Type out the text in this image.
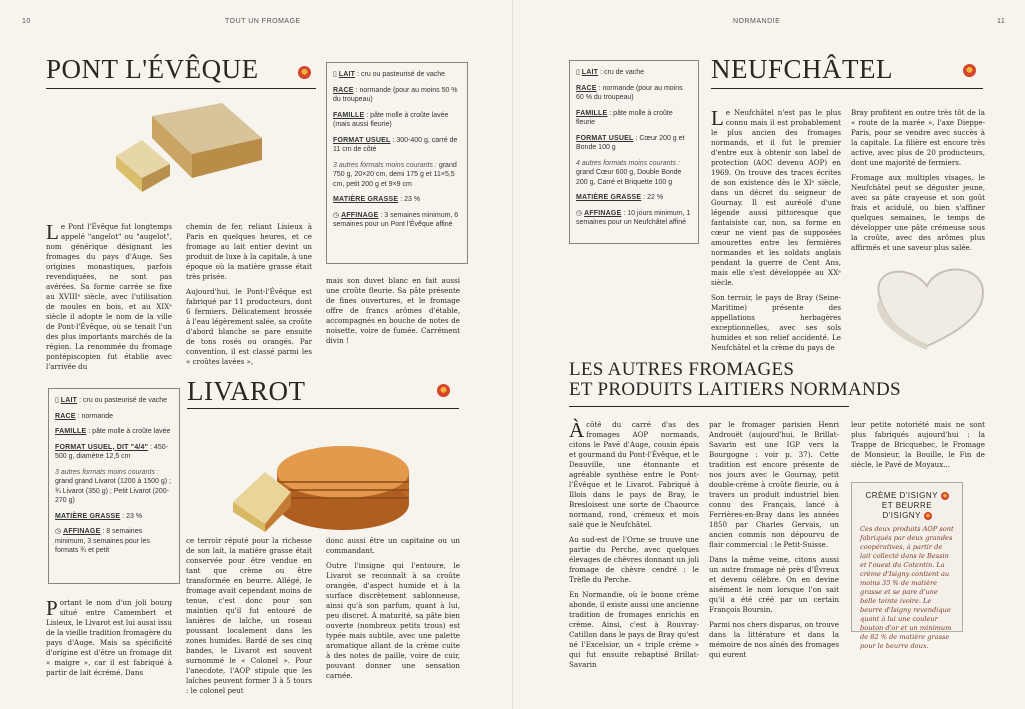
10	TOUT UN FROMAGE
PONT L'ÉVÊQUE	▯ LAIT : cru ou pasteurisé de vache
RACE : normande (pour au moins 50 % du troupeau)
FAMILLE : pâte molle à croûte lavée (mais aussi fleurie)
FORMAT USUEL : 300-400 g, carré de 11 cm de côté
3 autres formats moins courants : grand 750 g, 20×20 cm, demi 175 g et 11×5,5 cm, petit 200 g et 9×9 cm
MATIÈRE GRASSE : 23 %
◷ AFFINAGE : 3 semaines minimum, 6 semaines pour un Pont l'Évêque affiné
Le Pont l'Évêque fut longtemps appelé "angelot" ou "augelot", nom générique désignant les fromages du pays d'Auge. Ses origines monastiques, parfois revendiquées, ne sont pas avérées. Sa forme carrée se fixe au XVIIIᵉ siècle, avec l'utilisation de moules en bois, et au XIXᵉ siècle il adopte le nom de la ville de Pont-l'Évêque, où se tenait l'un des plus importants marchés de la région. La renommée du fromage pontépiscopien fut établie avec l'arrivée du

chemin de fer, reliant Lisieux à Paris en quelques heures, et ce fromage au lait entier devint un produit de luxe à la capitale, à une époque où la matière grasse était très prisée.

Aujourd'hui, le Pont-l'Évêque est fabriqué par 11 producteurs, dont 6 fermiers. Délicatement brossée à l'eau légèrement salée, sa croûte d'abord blanche se pare ensuite de tons rosés ou orangés. Par convention, il est classé parmi les « croûtes lavées »,

mais son duvet blanc en fait aussi une croûte fleurie. Sa pâte présente de fines ouvertures, et le fromage offre de francs arômes d'étable, accompagnés en bouche de notes de noisette, voire de fumée. Carrément divin !

▯ LAIT : cru ou pasteurisé de vache
RACE : normande
FAMILLE : pâte molle à croûte lavée
FORMAT USUEL, DIT "4/4" : 450-500 g, diamètre 12,5 cm
3 autres formats moins courants : grand grand Livarot (1200 à 1500 g) ; ¾ Livarot (350 g) ; Petit Livarot (200-270 g)
MATIÈRE GRASSE : 23 %
◷ AFFINAGE : 8 semaines minimum, 3 semaines pour les formats ¾ et petit
LIVAROT
Portant le nom d'un joli bourg situé entre Camembert et Lisieux, le Livarot est lui aussi issu de la vieille tradition fromagère du pays d'Auge. Mais sa spécificité d'origine est d'être un fromage dit « maigre », car il est fabriqué à partir de lait écrémé. Dans

ce terroir réputé pour la richesse de son lait, la matière grasse était conservée pour être vendue en tant que crème ou être transformée en beurre. Allégé, le fromage avait cependant moins de tenue, c'est donc pour son maintien qu'il fut entouré de lanières de laîche, un roseau poussant localement dans les zones humides. Bardé de ses cinq bandes, le Livarot est souvent surnommé le « Colonel ». Pour l'anecdote, l'AOP stipule que les laîches peuvent former 3 à 5 tours : le colonel peut

donc aussi être un capitaine ou un commandant.

Outre l'insigne qui l'entoure, le Livarot se reconnaît à sa croûte orangée, d'aspect humide et à la surface discrètement sablonneuse, ainsi qu'à son parfum, quant à lui, peu discret. À maturité, sa pâte bien ouverte (nombreux petits trous) est typée mais subtile, avec une palette aromatique allant de la crème cuite à des notes de paille, voire de cuir, pouvant donner une sensation carnée.

NORMANDIE	11
▯ LAIT : cru de vache
RACE : normande (pour au moins 60 % du troupeau)
FAMILLE : pâte molle à croûte fleurie
FORMAT USUEL : Cœur 200 g et Bonde 100 g
4 autres formats moins courants : grand Cœur 600 g, Double Bonde 200 g, Carré et Briquette 100 g
MATIÈRE GRASSE : 22 %
◷ AFFINAGE : 10 jours minimum, 1 semaines pour un Neufchâtel affiné
NEUFCHÂTEL

Le Neufchâtel n'est pas le plus connu mais il est probablement le plus ancien des fromages normands, et il fut le premier d'entre eux à obtenir son label de protection (AOC devenu AOP) en 1969. On trouve des traces écrites de son existence dès le XIᵉ siècle, dans un décret du seigneur de Gournay. Il est auréolé d'une légende aussi pittoresque que fantaisiste car, non, sa forme en cœur ne vient pas de supposées amourettes entre les fermières normandes et les soldats anglais pendant la guerre de Cent Ans, mais elle s'est développée au XXᵉ siècle.

Son terroir, le pays de Bray (Seine-Maritime) présente des appellations herbagères exceptionnelles, avec ses sols humides et son relief accidenté. Le Neufchâtel et la crème du pays de

Bray profitent en outre très tôt de la « route de la marée », l'axe Dieppe-Paris, pour se vendre avec succès à la capitale. La filière est encore très active, avec plus de 20 producteurs, dont une majorité de fermiers.

Fromage aux multiples visages, le Neufchâtel peut se déguster jeune, avec sa pâte crayeuse et son goût frais et acidulé, ou bien s'affiner quelques semaines, le temps de développer une pâte crémeuse sous la croûte, avec des arômes plus affirmés et une saveur plus salée.

LES AUTRES FROMAGES
ET PRODUITS LAITIERS NORMANDS

À côté du carré d'as des fromages AOP normands, citons le Pavé d'Auge, cousin épais et gourmand du Pont-l'Évêque, et le Deauville, une étonnante et agréable synthèse entre le Pont-l'Évêque et le Livarot. Fabriqué à Illois dans le pays de Bray, le Bresloisest une sorte de Chaource normand, rond, crémeux et mois salé que le Neufchâtel.

Au sud-est de l'Orne se trouve une partie du Perche, avec quelques élevages de chèvres donnant un joli fromage de chèvre cendré : le Trèfle du Perche.

En Normandie, où le bonne crème abonde, il existe aussi une ancienne tradition de fromages enrichis en crème. Ainsi, c'est à Rouvray-Catillon dans le pays de Bray qu'est né l'Excelsior, un « triple crème » qui fut ensuite rebaptisé Brillat-Savarin

par le fromager parisien Henri Androuët (aujourd'hui, le Brillat-Savarin est une IGP vers la Bourgogne : voir p. 37). Cette tradition est encore présente de nos jours avec le Gournay, petit double-crème à croûte fleurie, ou à travers un produit industriel bien connu des Français, lancé à Ferrières-en-Bray dans les années 1850 par Charles Gervais, un ancien commis non dépourvu de flair commercial : le Petit-Suisse.

Dans la même veine, citons aussi un autre fromage né près d'Évreux et devenu célèbre. On en devine aisément le nom lorsque l'on sait qu'il a été créé par un certain François Boursin.

Parmi nos chers disparus, on trouve dans la littérature et dans la mémoire de nos aînés des fromages qui eurent

leur petite notoriété mais ne sont plus fabriqués aujourd'hui : la Trappe de Bricquebec, le Fromage de Monsieur, la Bouille, le Fin de siècle, le Pavé de Moyaux...

CRÈME D'ISIGNY
ET BEURRE
D'ISIGNY
Ces deux produits AOP sont fabriqués par deux grandes coopératives, à partir de lait collecté dans le Bessin et l'ouest du Cotentin. La crème d'Isigny contient au moins 35 % de matière grasse et se pare d'une belle teinte ivoire. Le beurre d'Isigny revendique quant à lui une couleur bouton d'or et un minimum de 82 % de matière grasse pour le beurre doux.
